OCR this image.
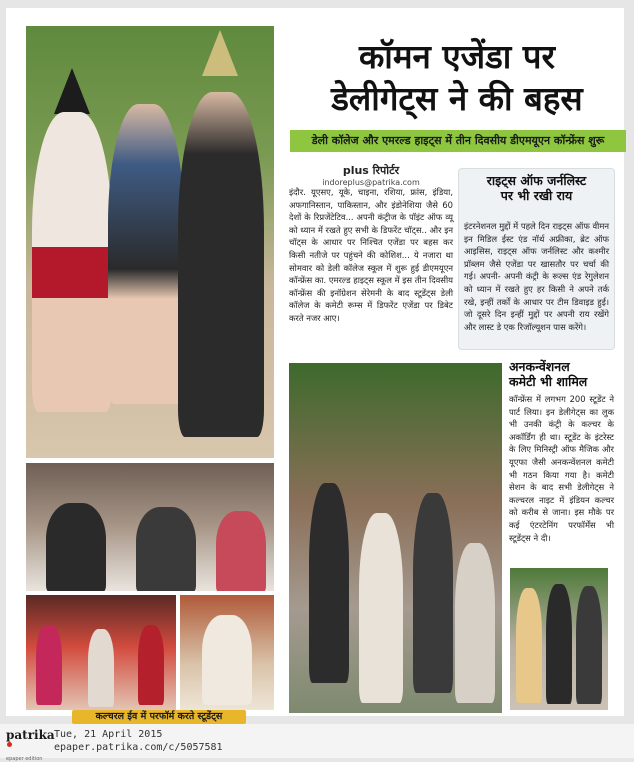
कॉमन एजेंडा पर
डेलीगेट्स ने की बहस
डेली कॉलेज और एमरल्ड हाइट्स में तीन दिवसीय डीएमयूएन कॉन्फ्रेंस शुरू
plus रिपोर्टर
indoreplus@patrika.com
इंदौर. यूएसए, यूके, चाइना, रशिया, फ्रांस, इंडिया, अफगानिस्तान, पाकिस्तान, और इंडोनेशिया जैसे 60 देशों के रिप्रजेंटेटिव... अपनी कंट्रीज के पॉइंट ऑफ व्यू को ध्यान में रखते हुए सभी के डिफरेंट चॉट्स.. और इन चॉट्स के आधार पर निश्चित एजेंडा पर बहस कर किसी नतीजे पर पहुंचने की कोशिश... ये नजारा था सोमवार को डेली कॉलेज स्कूल में शुरू हुई डीएमयूएन कॉन्फ्रेंस का. एमरल्ड हाइट्स स्कूल में इस तीन दिवसीय कॉन्फ्रेंस की इनॉग्रेशन सेरेमनी के बाद स्टूडेंट्स डेली कॉलेज के कमेटी रूम्स में डिफरेंट एजेंडा पर डिबेट करते नजर आए।
राइट्स ऑफ जर्नलिस्ट
पर भी रखी राय
इंटरनेशनल मुद्दों में पहले दिन राइट्स ऑफ वीमन इन मिडिल ईस्ट एंड नॉर्थ अफ्रीका, ब्रेट ऑफ आइसिस, राइट्स ऑफ जर्नलिस्ट और कश्मीर प्रॉब्लम जैसे एजेंडा पर खासतौर पर चर्चा की गई। अपनी- अपनी कंट्री के रूल्स एंड रेगुलेशन को ध्यान में रखते हुए हर किसी ने अपने तर्क रखे, इन्हीं तर्कों के आधार पर टीम डिवाइड हुई। जो दूसरे दिन इन्हीं मुद्दों पर अपनी राय रखेंगे और लास्ट डे एक रिजॉल्यूशन पास करेंगे।
अनकन्वेंशनल
कमेटी भी शामिल
कॉन्फ्रेंस में लगभग 200 स्टूडेंट ने पार्ट लिया। इन डेलीगेट्स का लुक भी उनकी कंट्री के कल्चर के अकॉर्डिंग ही था। स्टूडेंट के इंटरेस्ट के लिए मिनिस्ट्री ऑफ मैजिक और यूएफा जैसी अनकन्वेंशनल कमेटी भी गठन किया गया है। कमेटी सेशन के बाद सभी डेलीगेट्स ने कल्चरल नाइट में इंडियन कल्चर को करीब से जाना। इस मौके पर कई एंटरटेनिंग परफॉर्मेंस भी स्टूडेंट्स ने दी।
कल्चरल ईव में परफॉर्म करते स्टूडेंट्स
patrika
epaper edition
Tue, 21 April 2015
epaper.patrika.com/c/5057581
